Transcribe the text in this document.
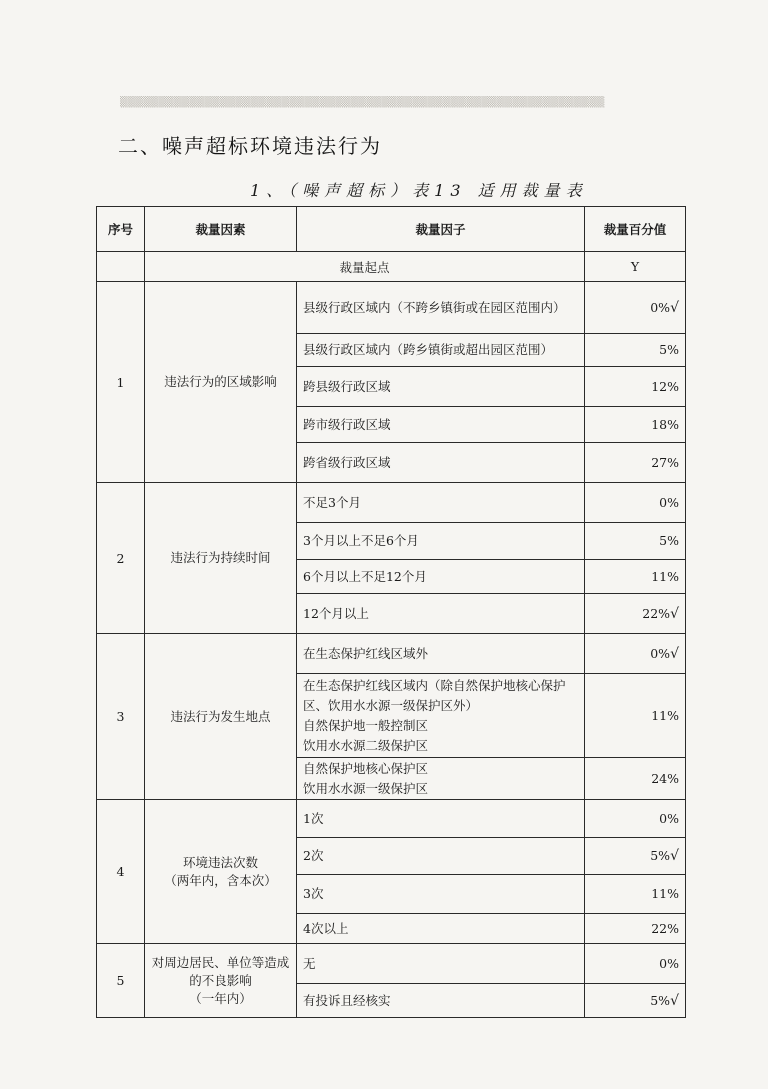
▒▒▒▒▒▒▒▒▒▒▒▒▒▒▒▒▒▒▒▒▒▒▒▒▒▒▒▒▒▒▒▒▒▒▒▒▒▒▒▒▒▒▒▒▒▒▒▒▒▒▒▒▒▒▒▒▒▒▒▒▒▒▒
二、噪声超标环境违法行为
1、（噪声超标）表13 适用裁量表
序号	裁量因素	裁量因子	裁量百分值
	裁量起点		Y
1	违法行为的区域影响	县级行政区域内（不跨乡镇街或在园区范围内）	0%√
		县级行政区域内（跨乡镇街或超出园区范围）	5%
		跨县级行政区域	12%
		跨市级行政区域	18%
		跨省级行政区域	27%
2	违法行为持续时间	不足3个月	0%
		3个月以上不足6个月	5%
		6个月以上不足12个月	11%
		12个月以上	22%√
3	违法行为发生地点	在生态保护红线区域外	0%√
		在生态保护红线区域内（除自然保护地核心保护区、饮用水水源一级保护区外）
自然保护地一般控制区
饮用水水源二级保护区	11%
		自然保护地核心保护区
饮用水水源一级保护区	24%
4	环境违法次数
（两年内，含本次）	1次	0%
		2次	5%√
		3次	11%
		4次以上	22%
5	对周边居民、单位等造成的不良影响
（一年内）	无	0%
		有投诉且经核实	5%√
